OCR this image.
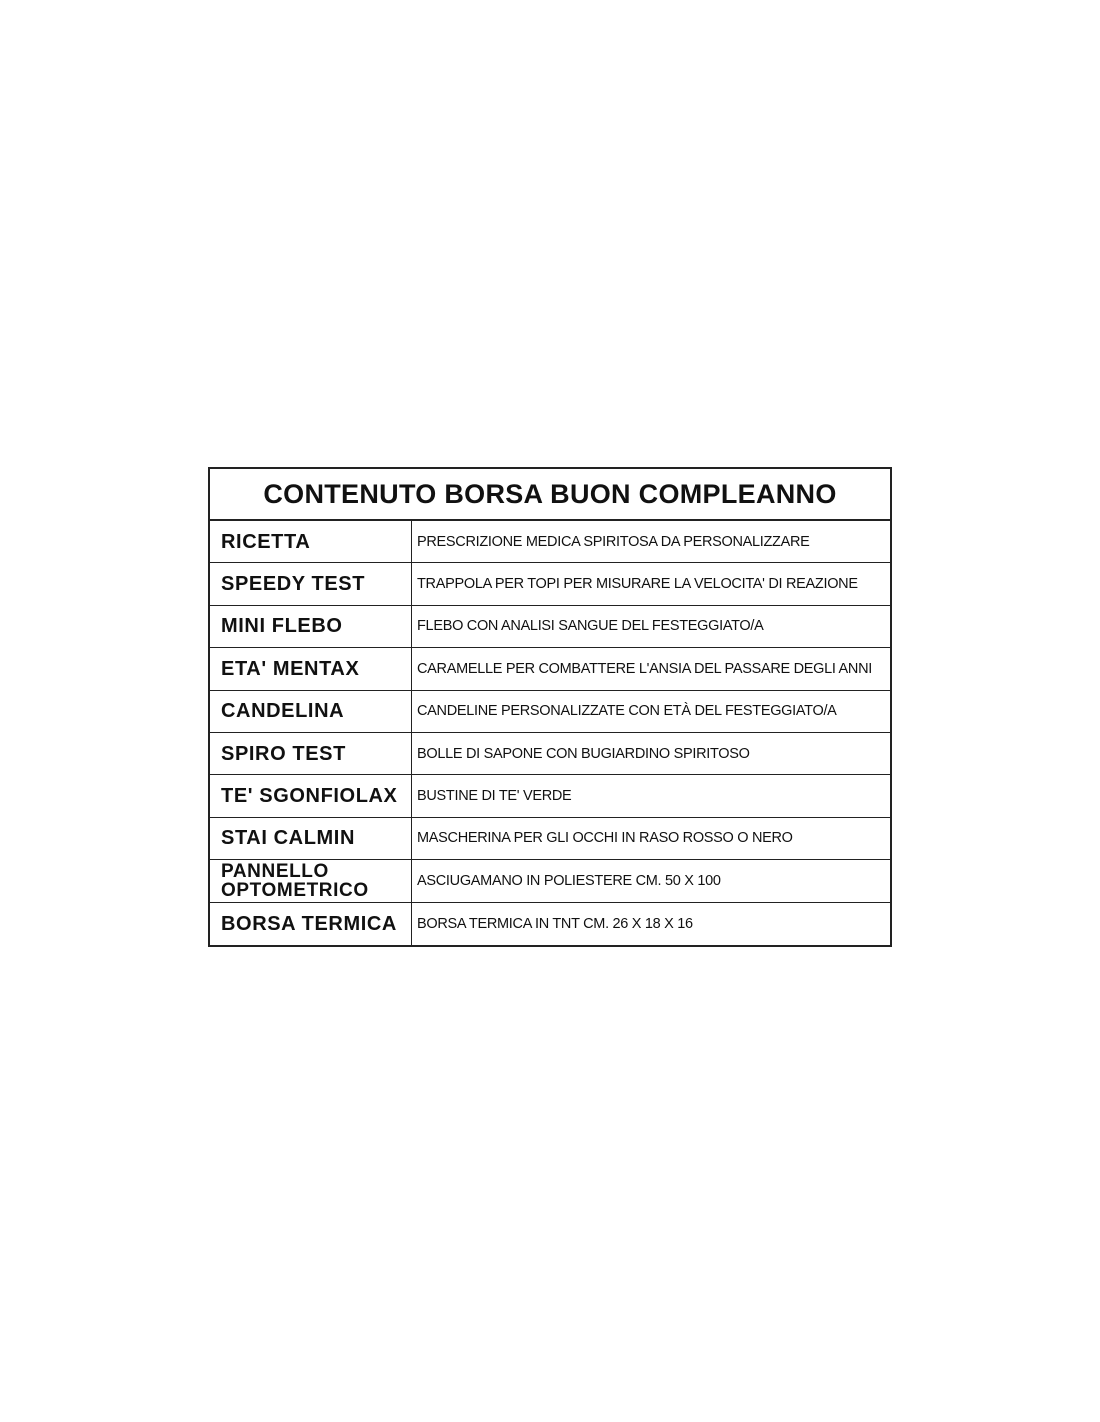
CONTENUTO BORSA BUON COMPLEANNO
RICETTA	PRESCRIZIONE MEDICA SPIRITOSA DA PERSONALIZZARE
SPEEDY TEST	TRAPPOLA PER TOPI PER MISURARE LA VELOCITA' DI REAZIONE
MINI FLEBO	FLEBO CON ANALISI SANGUE DEL FESTEGGIATO/A
ETA' MENTAX	CARAMELLE PER COMBATTERE L'ANSIA DEL PASSARE DEGLI ANNI
CANDELINA	CANDELINE PERSONALIZZATE CON ETÀ DEL FESTEGGIATO/A
SPIRO TEST	BOLLE DI SAPONE CON BUGIARDINO SPIRITOSO
TE' SGONFIOLAX	BUSTINE DI TE' VERDE
STAI CALMIN	MASCHERINA PER GLI OCCHI IN RASO ROSSO O NERO
PANNELLO OPTOMETRICO	ASCIUGAMANO IN POLIESTERE CM. 50 X 100
BORSA TERMICA	BORSA TERMICA IN TNT CM. 26 X 18 X 16
